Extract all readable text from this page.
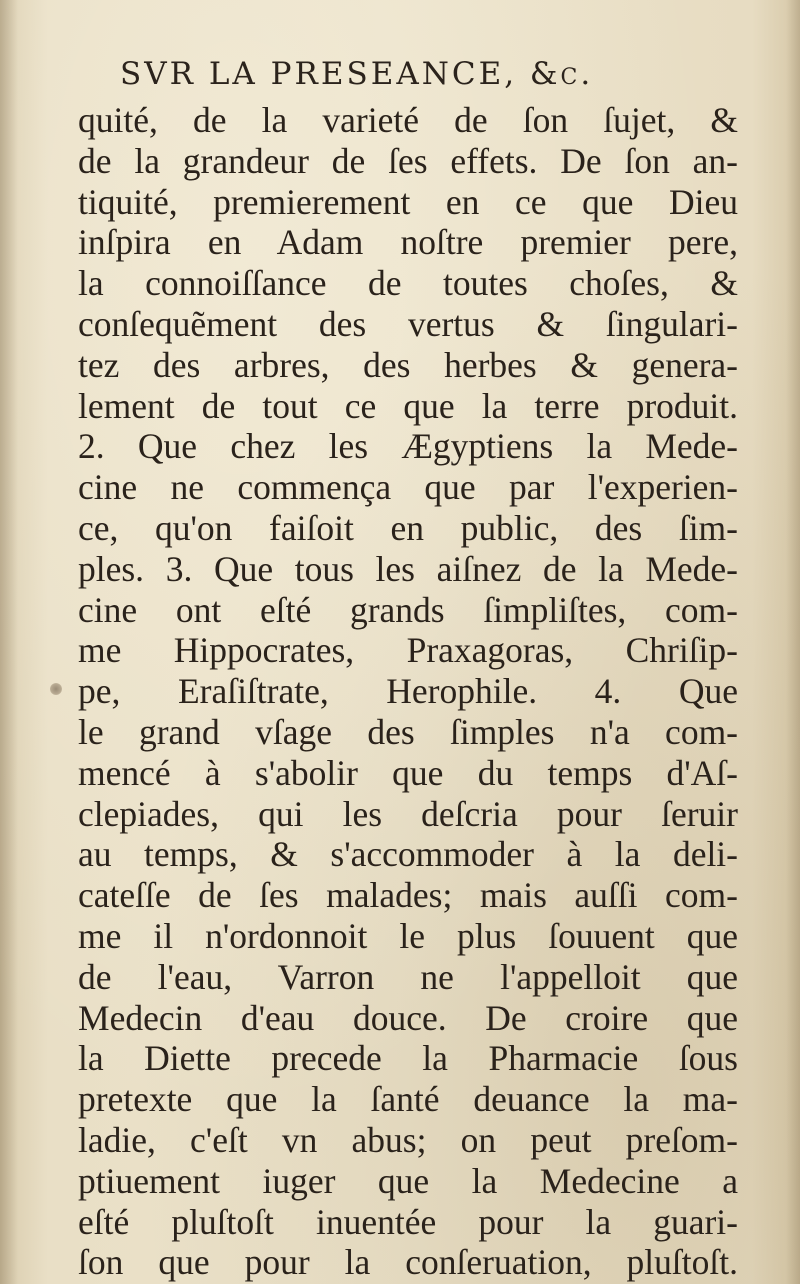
SVR LA PRESEANCE, &c.
quité, de la varieté de ſon ſujet, &
de la grandeur de ſes effets. De ſon an-
tiquité, premierement en ce que Dieu
inſpira en Adam noſtre premier pere,
la connoiſſance de toutes choſes, &
conſequẽment des vertus & ſingulari-
tez des arbres, des herbes & genera-
lement de tout ce que la terre produit.
2. Que chez les Ægyptiens la Mede-
cine ne commença que par l'experien-
ce, qu'on faiſoit en public, des ſim-
ples. 3. Que tous les aiſnez de la Mede-
cine ont eſté grands ſimpliſtes, com-
me Hippocrates, Praxagoras, Chriſip-
pe, Eraſiſtrate, Herophile. 4. Que
le grand vſage des ſimples n'a com-
mencé à s'abolir que du temps d'Aſ-
clepiades, qui les deſcria pour ſeruir
au temps, & s'accommoder à la deli-
cateſſe de ſes malades; mais auſſi com-
me il n'ordonnoit le plus ſouuent que
de l'eau, Varron ne l'appelloit que
Medecin d'eau douce. De croire que
la Diette precede la Pharmacie ſous
pretexte que la ſanté deuance la ma-
ladie, c'eſt vn abus; on peut preſom-
ptiuement iuger que la Medecine a
eſté pluſtoſt inuentée pour la guari-
ſon que pour la conſeruation, pluſtoſt.
